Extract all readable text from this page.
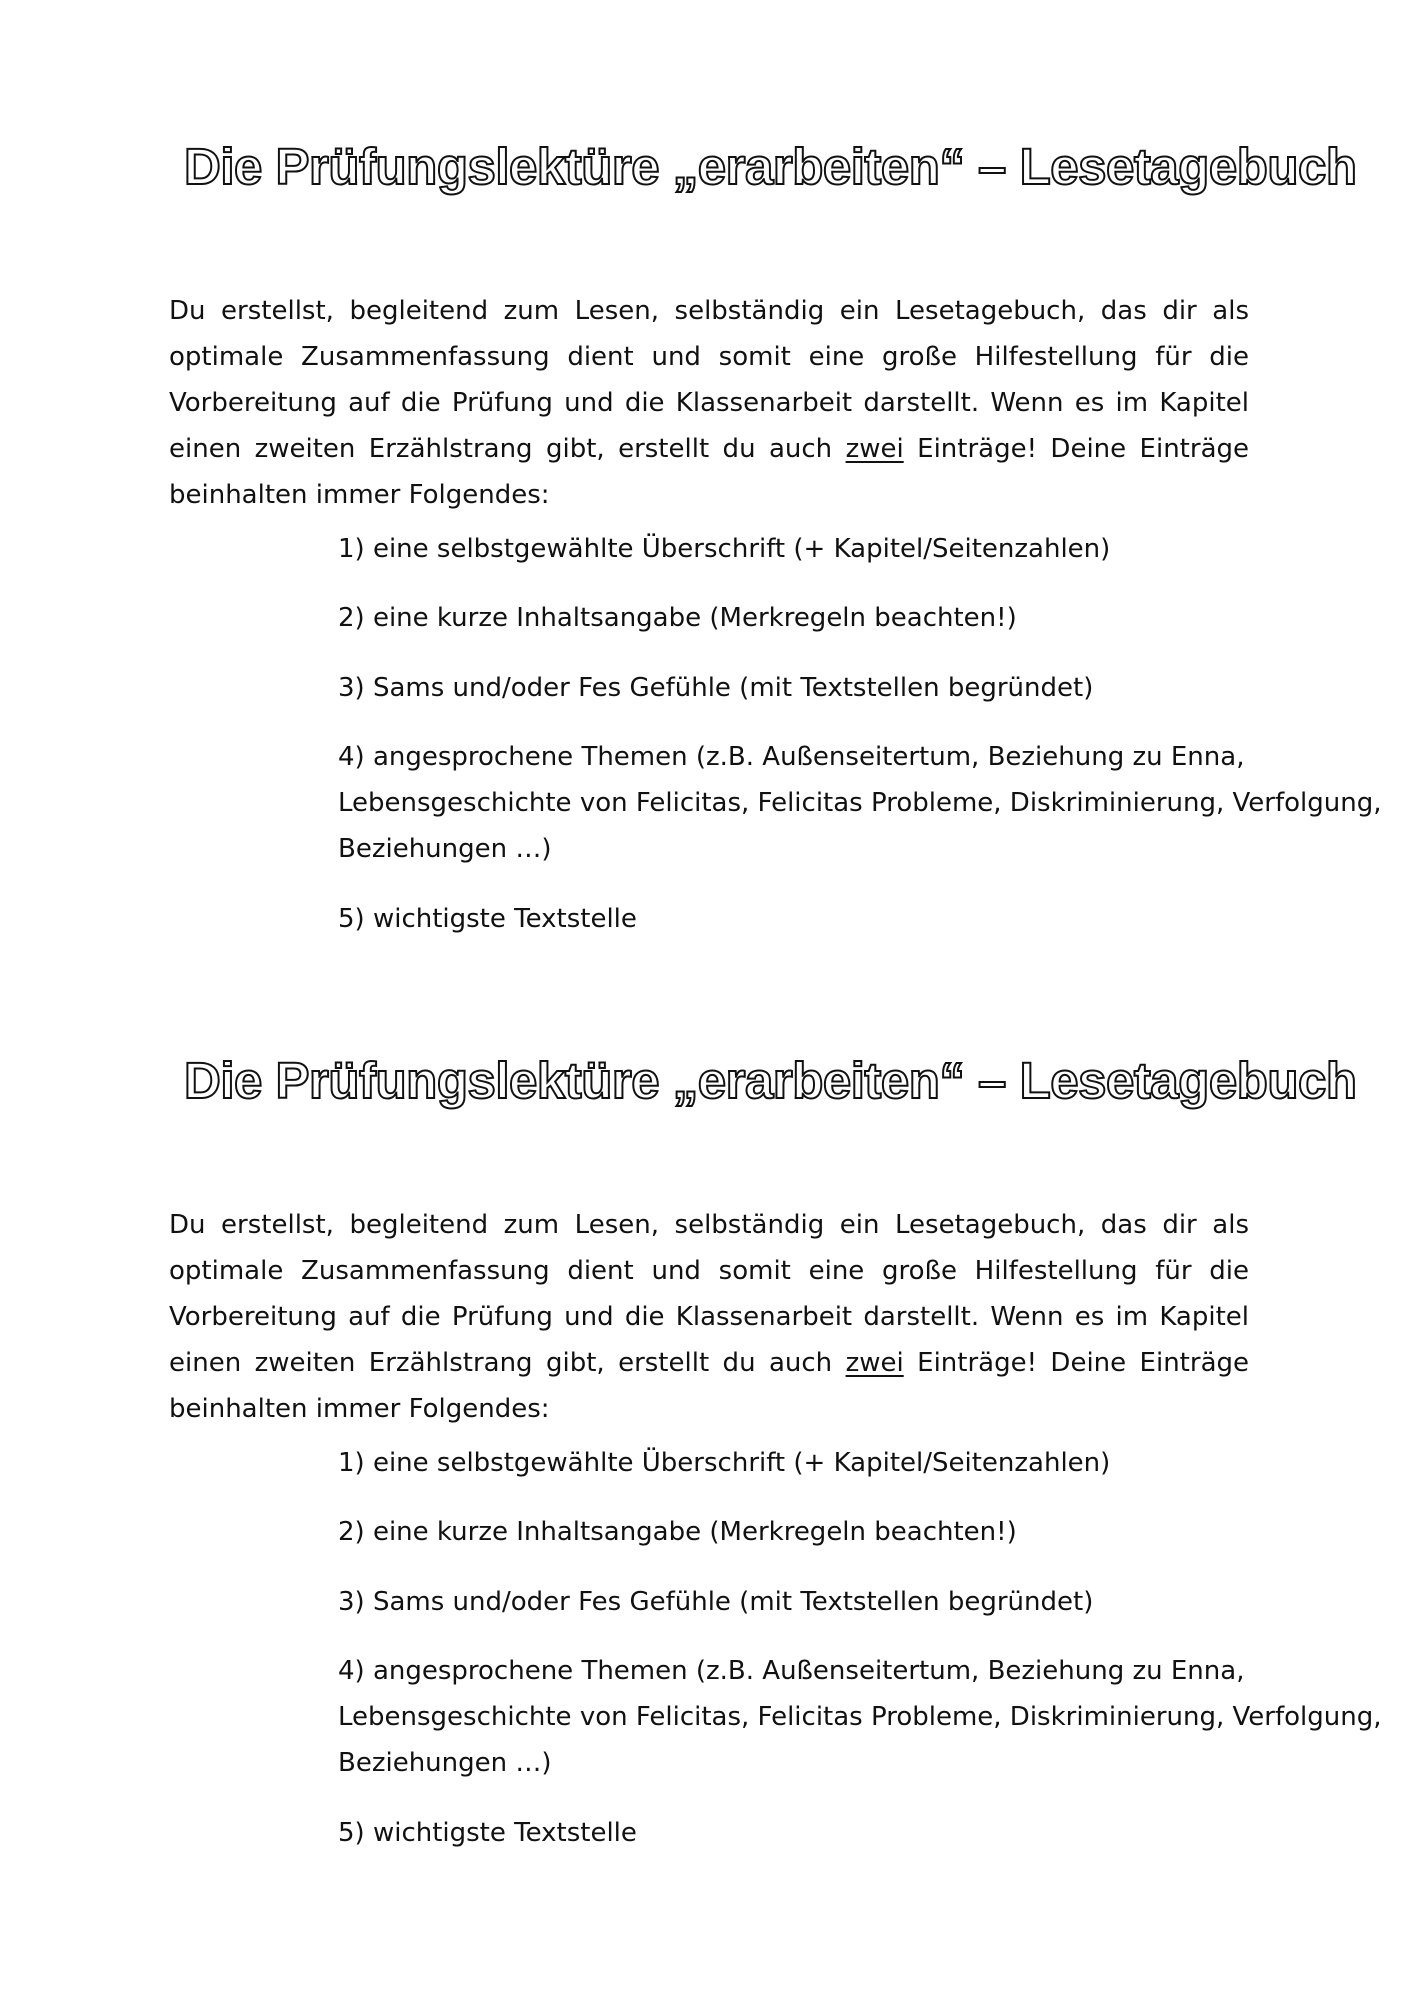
Die Prüfungslektüre „erarbeiten“ – Lesetagebuch

Du erstellst, begleitend zum Lesen, selbständig ein Lesetagebuch, das dir als optimale Zusammenfassung dient und somit eine große Hilfestellung für die Vorbereitung auf die Prüfung und die Klassenarbeit darstellt. Wenn es im Kapitel einen zweiten Erzählstrang gibt, erstellt du auch zwei Einträge! Deine Einträge beinhalten immer Folgendes:

1) eine selbstgewählte Überschrift (+ Kapitel/Seitenzahlen)

2) eine kurze Inhaltsangabe (Merkregeln beachten!)

3) Sams und/oder Fes Gefühle (mit Textstellen begründet)

4) angesprochene Themen (z.B. Außenseitertum, Beziehung zu Enna, Lebensgeschichte von Felicitas, Felicitas Probleme, Diskriminierung, Verfolgung, Beziehungen …)

5) wichtigste Textstelle

Die Prüfungslektüre „erarbeiten“ – Lesetagebuch

Du erstellst, begleitend zum Lesen, selbständig ein Lesetagebuch, das dir als optimale Zusammenfassung dient und somit eine große Hilfestellung für die Vorbereitung auf die Prüfung und die Klassenarbeit darstellt. Wenn es im Kapitel einen zweiten Erzählstrang gibt, erstellt du auch zwei Einträge! Deine Einträge beinhalten immer Folgendes:

1) eine selbstgewählte Überschrift (+ Kapitel/Seitenzahlen)

2) eine kurze Inhaltsangabe (Merkregeln beachten!)

3) Sams und/oder Fes Gefühle (mit Textstellen begründet)

4) angesprochene Themen (z.B. Außenseitertum, Beziehung zu Enna, Lebensgeschichte von Felicitas, Felicitas Probleme, Diskriminierung, Verfolgung, Beziehungen …)

5) wichtigste Textstelle
